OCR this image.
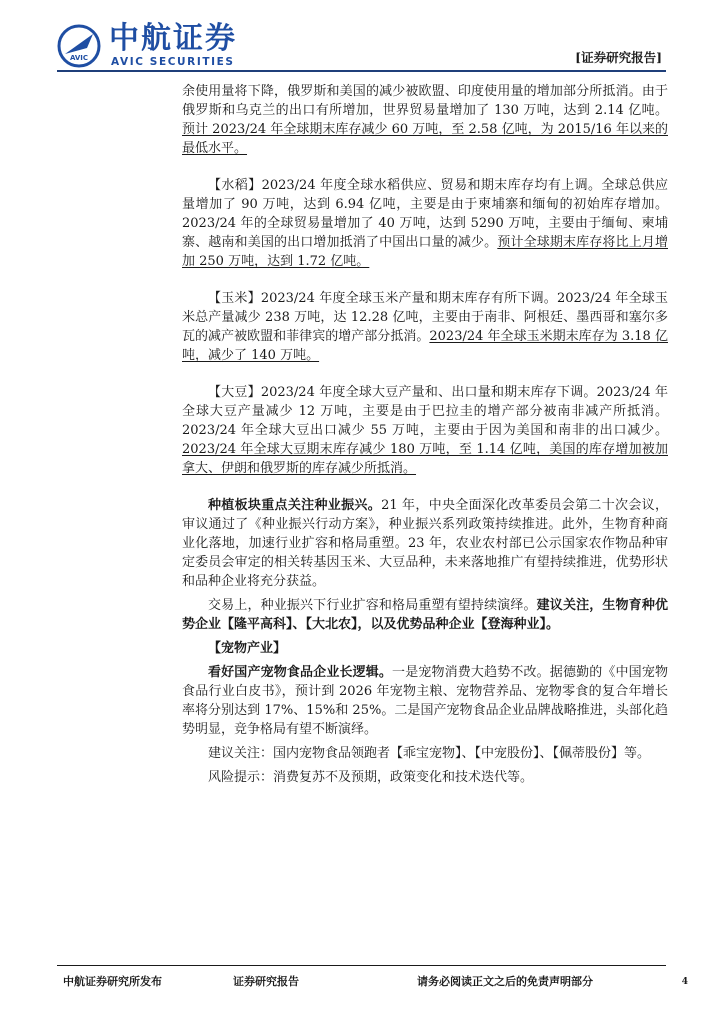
AVIC
中航证券
AVIC SECURITIES	[证券研究报告]

余使用量将下降，俄罗斯和美国的减少被欧盟、印度使用量的增加部分所抵消。由于俄罗斯和乌克兰的出口有所增加，世界贸易量增加了 130 万吨，达到 2.14 亿吨。预计 2023/24 年全球期末库存减少 60 万吨，至 2.58 亿吨，为 2015/16 年以来的最低水平。

【水稻】2023/24 年度全球水稻供应、贸易和期末库存均有上调。全球总供应量增加了 90 万吨，达到 6.94 亿吨，主要是由于柬埔寨和缅甸的初始库存增加。2023/24 年的全球贸易量增加了 40 万吨，达到 5290 万吨，主要由于缅甸、柬埔寨、越南和美国的出口增加抵消了中国出口量的减少。预计全球期末库存将比上月增加 250 万吨，达到 1.72 亿吨。

【玉米】2023/24 年度全球玉米产量和期末库存有所下调。2023/24 年全球玉米总产量减少 238 万吨，达 12.28 亿吨，主要由于南非、阿根廷、墨西哥和塞尔多瓦的减产被欧盟和菲律宾的增产部分抵消。2023/24 年全球玉米期末库存为 3.18 亿吨，减少了 140 万吨。

【大豆】2023/24 年度全球大豆产量和、出口量和期末库存下调。2023/24 年全球大豆产量减少 12 万吨，主要是由于巴拉圭的增产部分被南非减产所抵消。2023/24 年全球大豆出口减少 55 万吨，主要由于因为美国和南非的出口减少。2023/24 年全球大豆期末库存减少 180 万吨，至 1.14 亿吨，美国的库存增加被加拿大、伊朗和俄罗斯的库存减少所抵消。

种植板块重点关注种业振兴。21 年，中央全面深化改革委员会第二十次会议，审议通过了《种业振兴行动方案》，种业振兴系列政策持续推进。此外，生物育种商业化落地，加速行业扩容和格局重塑。23 年，农业农村部已公示国家农作物品种审定委员会审定的相关转基因玉米、大豆品种，未来落地推广有望持续推进，优势形状和品种企业将充分获益。

交易上，种业振兴下行业扩容和格局重塑有望持续演绎。建议关注，生物育种优势企业【隆平高科】、【大北农】，以及优势品种企业【登海种业】。

【宠物产业】

看好国产宠物食品企业长逻辑。一是宠物消费大趋势不改。据德勤的《中国宠物食品行业白皮书》，预计到 2026 年宠物主粮、宠物营养品、宠物零食的复合年增长率将分别达到 17%、15%和 25%。二是国产宠物食品企业品牌战略推进，头部化趋势明显，竞争格局有望不断演绎。

建议关注：国内宠物食品领跑者【乖宝宠物】、【中宠股份】、【佩蒂股份】等。

风险提示：消费复苏不及预期，政策变化和技术迭代等。

中航证券研究所发布	证券研究报告	请务必阅读正文之后的免责声明部分	4
